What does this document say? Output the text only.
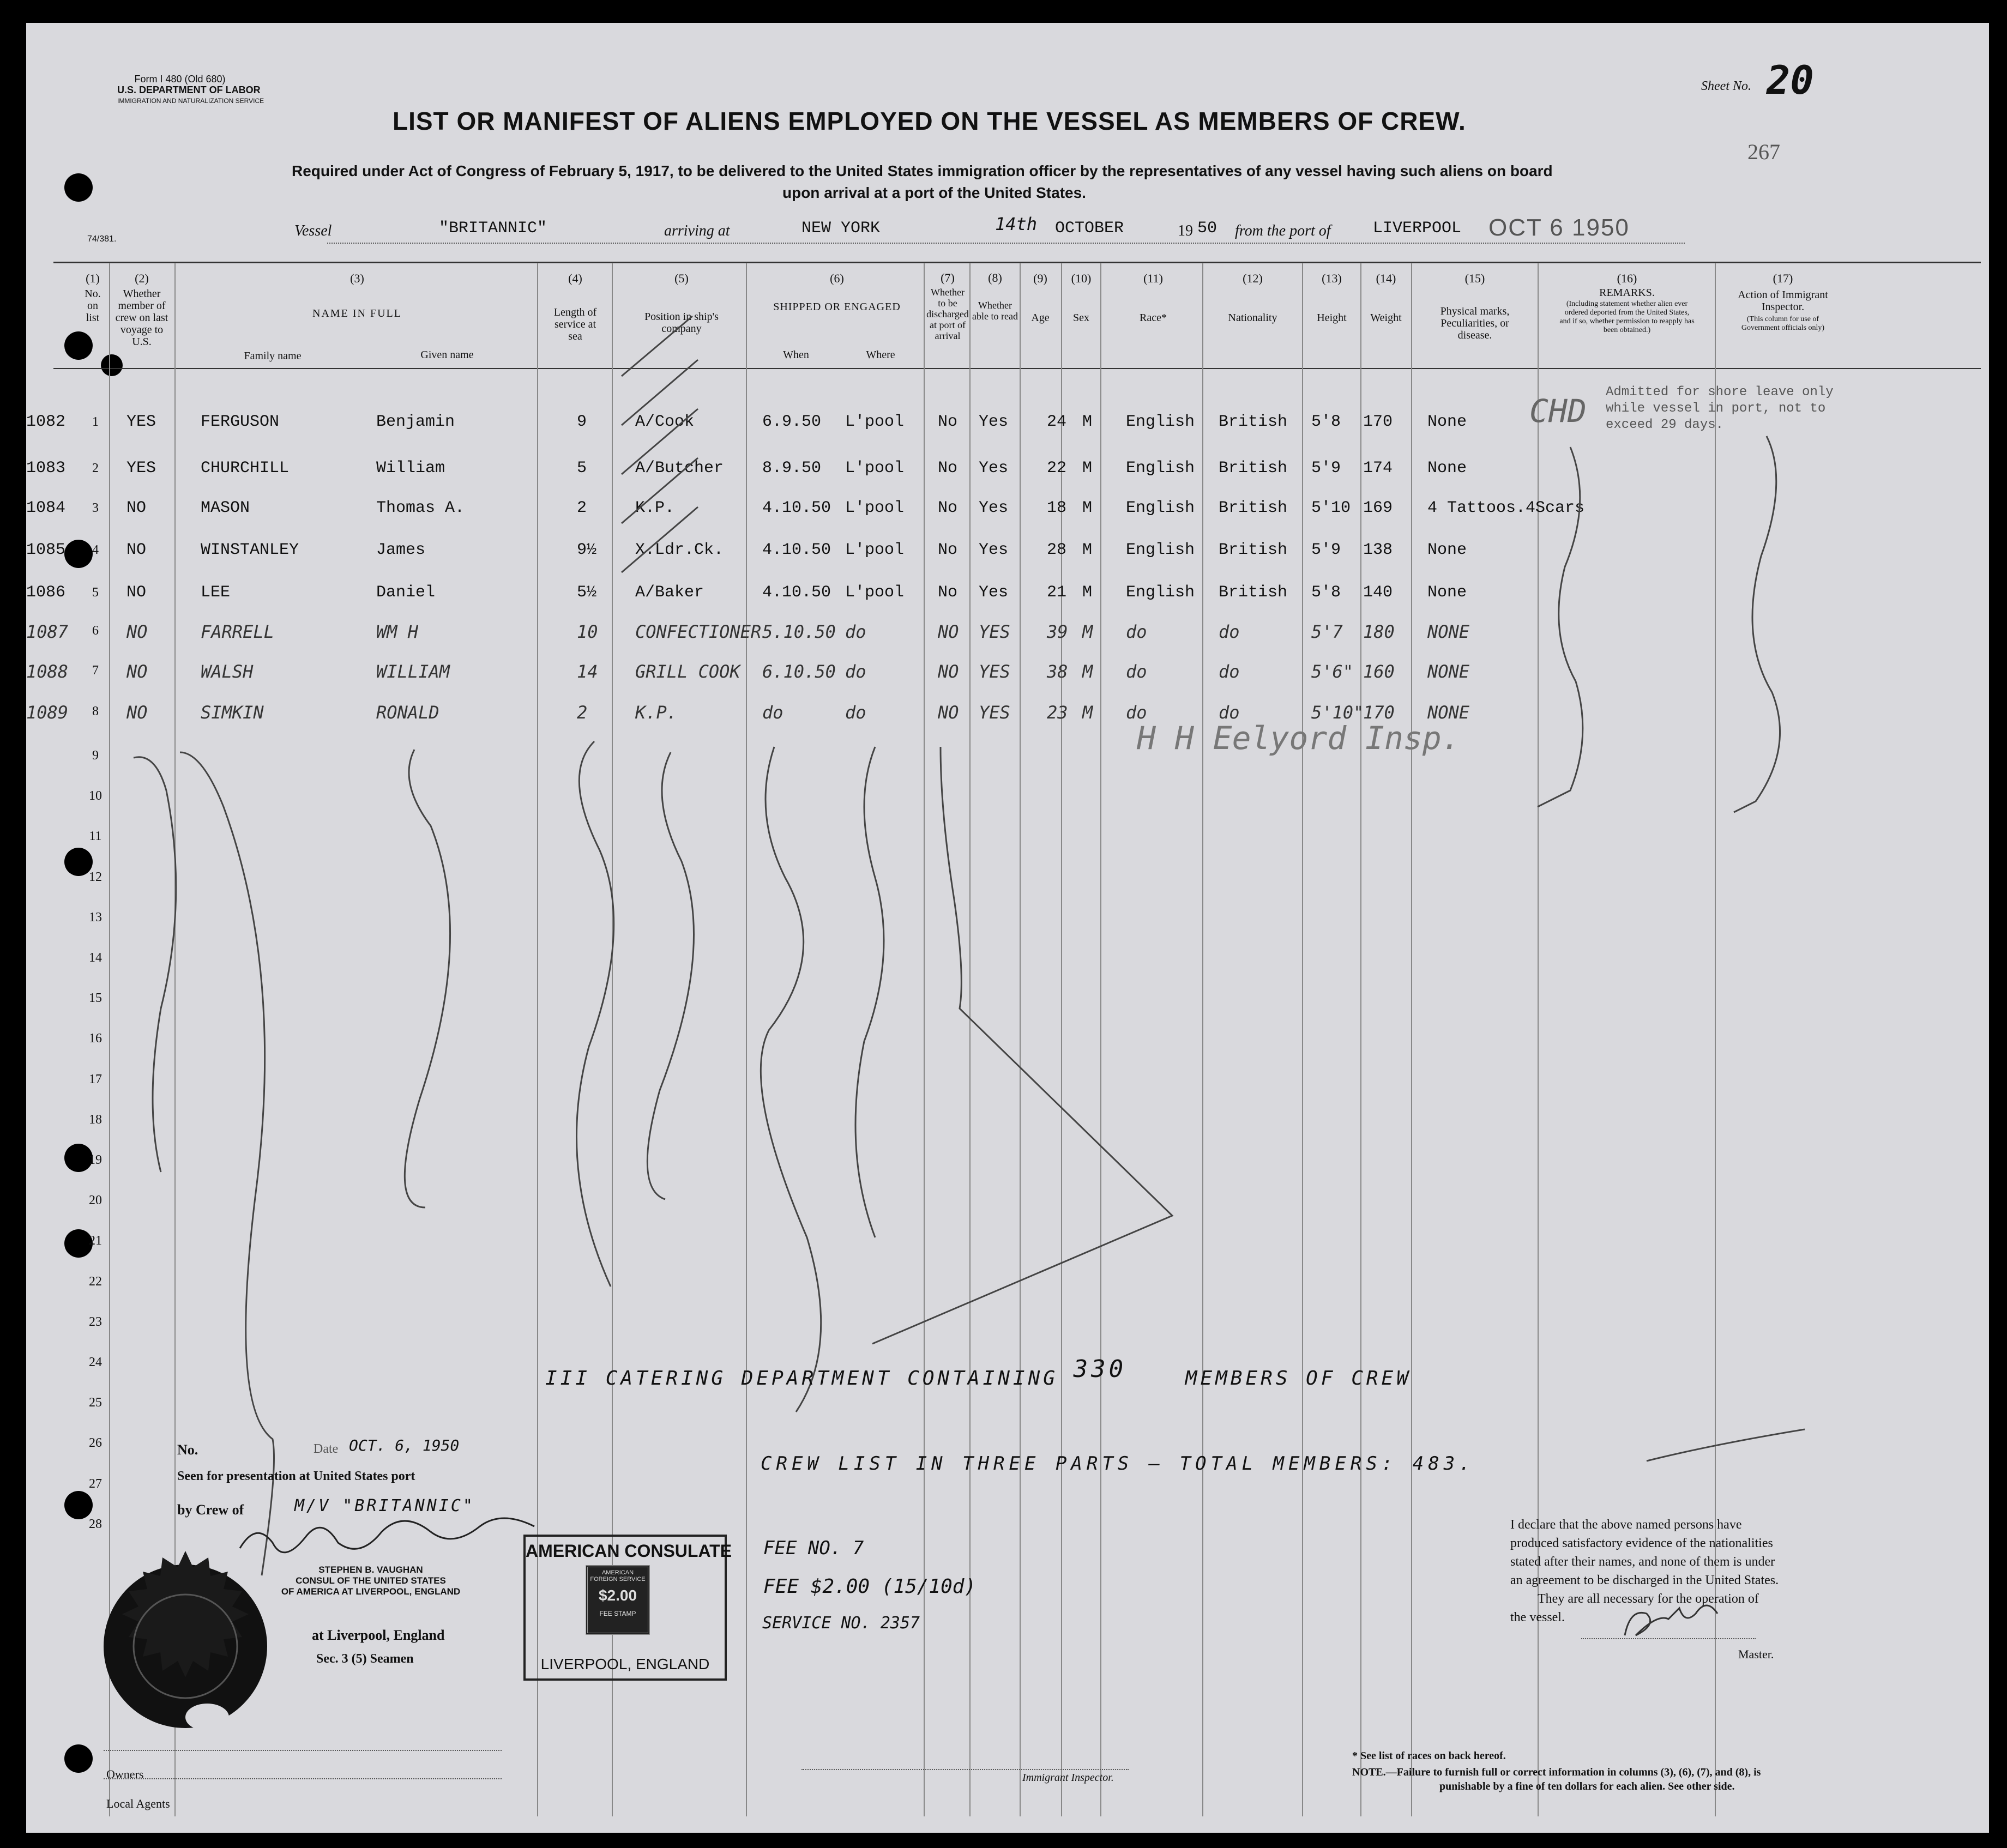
Form I 480 (Old 680)
U.S. DEPARTMENT OF LABOR
IMMIGRATION AND NATURALIZATION SERVICE
74/381.
LIST OR MANIFEST OF ALIENS EMPLOYED ON THE VESSEL AS MEMBERS OF CREW.
Required under Act of Congress of February 5, 1917, to be delivered to the United States immigration officer by the representatives of any vessel having such aliens on board
upon arrival at a port of the United States.
Sheet No. 20
267
Vessel	"BRITANNIC"	arriving at	NEW YORK	14th OCTOBER	19 50 from the port of	LIVERPOOL OCT 6 1950
(1)
No. on list
(2)
Whether member of crew on last voyage to U.S.
(3)
NAME IN FULL
Family name	Given name
(4)
Length of service at sea
(5)
Position in ship's company
(6)
SHIPPED OR ENGAGED
When	Where
(7)
Whether to be discharged at port of arrival
(8)
Whether able to read
(9)
Age
(10)
Sex
(11)
Race*
(12)
Nationality
(13)
Height
(14)
Weight
(15)
Physical marks, Peculiarities, or disease.
(16)
REMARKS.
(Including statement whether alien ever ordered deported from the United States, and if so, whether permission to reapply has been obtained.)
(17)
Action of Immigrant Inspector.
(This column for use of Government officials only)
1082	1	YES	FERGUSON	Benjamin	9	A/Cook	6.9.50 L'pool No Yes 24 M English British 5'8 170 None
1083	2	YES	CHURCHILL	William	5	A/Butcher 8.9.50 L'pool No Yes 22 M English British 5'9 174 None
1084	3	NO	MASON	Thomas A.	2	K.P.	4.10.50 L'pool No Yes 18 M English British 5'10 169 4 Tattoos.4Scars
1085	4	NO	WINSTANLEY	James	9½ X.Ldr.Ck. 4.10.50 L'pool No Yes 28 M English British 5'9 138 None
1086	5	NO	LEE	Daniel	5½ A/Baker	4.10.50 L'pool No Yes 21 M English British 5'8 140 None
1087	6	NO	FARRELL	WM H	10 CONFECTIONER 5.10.50 do	NO YES 39 M do	do	5'7 180 NONE
1088	7	NO	WALSH	WILLIAM	14 GRILL COOK 6.10.50 do	NO YES 38 M do	do	5'6" 160 NONE
1089	8	NO	SIMKIN	RONALD	2	K.P.	do	do	NO YES 23 M do	do	5'10"
170 NONE
CHD
Admitted for shore leave only while vessel in port, not to exceed 29 days.
H H Eelyord Insp.
9
10
11
12
13
14
15
16
17
18
19
20
21
22
23
24
25
26
27
28
III CATERING DEPARTMENT CONTAINING 330	MEMBERS OF CREW
CREW LIST IN THREE PARTS — TOTAL MEMBERS: 483.
FEE NO. 7
FEE $2.00 (15/10d)
SERVICE NO. 2357
No.	Date OCT. 6, 1950
Seen for presentation at United States port
by Crew of	M/V "BRITANNIC"
STEPHEN B. VAUGHAN
CONSUL OF THE UNITED STATES
OF AMERICA AT LIVERPOOL, ENGLAND
at Liverpool, England
Sec. 3 (5) Seamen
AMERICAN CONSULATE
AMERICAN FOREIGN SERVICE
$2.00
FEE STAMP
LIVERPOOL, ENGLAND
I declare that the above named persons have
produced satisfactory evidence of the nationalities
stated after their names, and none of them is under
an agreement to be discharged in the United States.
They are all necessary for the operation of
the vessel.
Master.
Owners
Local Agents
Immigrant Inspector.
* See list of races on back hereof.
NOTE.—Failure to furnish full or correct information in columns (3), (6), (7), and (8), is
punishable by a fine of ten dollars for each alien. See other side.
